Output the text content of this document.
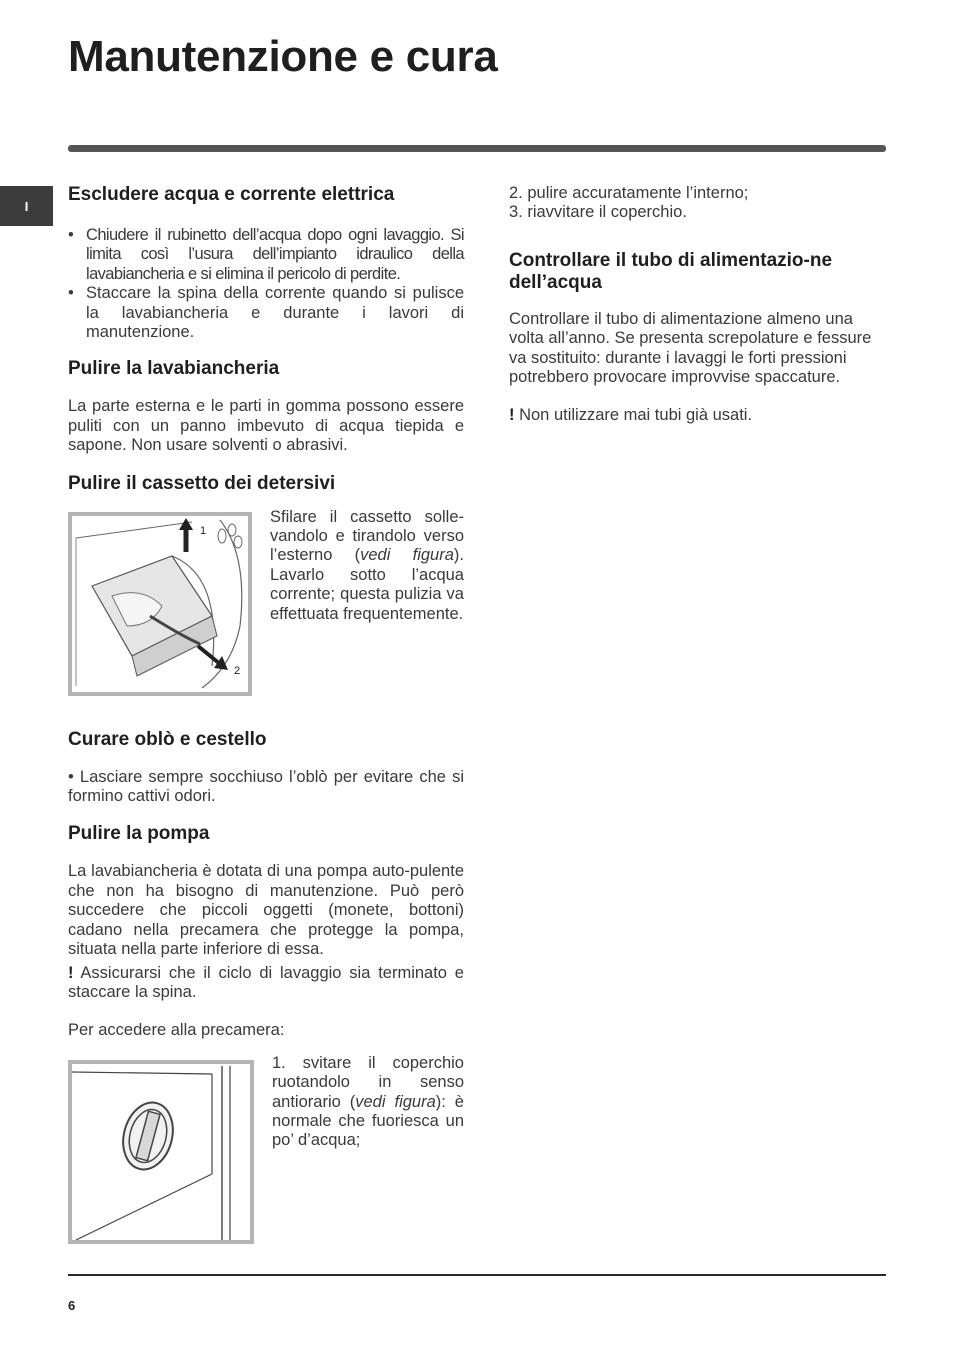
Manutenzione e cura
I
Escludere acqua e corrente elettrica
• Chiudere il rubinetto dell’acqua dopo ogni lavaggio. Si limita così l’usura dell’impianto idraulico della lavabiancheria e si elimina il pericolo di perdite.
• Staccare la spina della corrente quando si pulisce la lavabiancheria e durante i lavori di manutenzione.
Pulire la lavabiancheria

La parte esterna e le parti in gomma possono essere puliti con un panno imbevuto di acqua tiepida e sapone. Non usare solventi o abrasivi.

Pulire il cassetto dei detersivi
1
2
Sfilare il cassetto solle-vandolo e tirandolo verso l’esterno (vedi figura). Lavarlo sotto l’acqua corrente; questa pulizia va effettuata frequentemente.
Curare oblò e cestello

• Lasciare sempre socchiuso l’oblò per evitare che si formino cattivi odori.

Pulire la pompa

La lavabiancheria è dotata di una pompa auto-pulente che non ha bisogno di manutenzione. Può però succedere che piccoli oggetti (monete, bottoni) cadano nella precamera che protegge la pompa, situata nella parte inferiore di essa.

! Assicurarsi che il ciclo di lavaggio sia terminato e staccare la spina.

Per accedere alla precamera:

1. svitare il coperchio ruotandolo in senso antiorario (vedi figura): è normale che fuoriesca un po’ d’acqua;
2. pulire accuratamente l’interno;
3. riavvitare il coperchio.
Controllare il tubo di alimentazio-ne dell’acqua

Controllare il tubo di alimentazione almeno una volta all’anno. Se presenta screpolature e fessure va sostituito: durante i lavaggi le forti pressioni potrebbero provocare improvvise spaccature.

! Non utilizzare mai tubi già usati.

6
